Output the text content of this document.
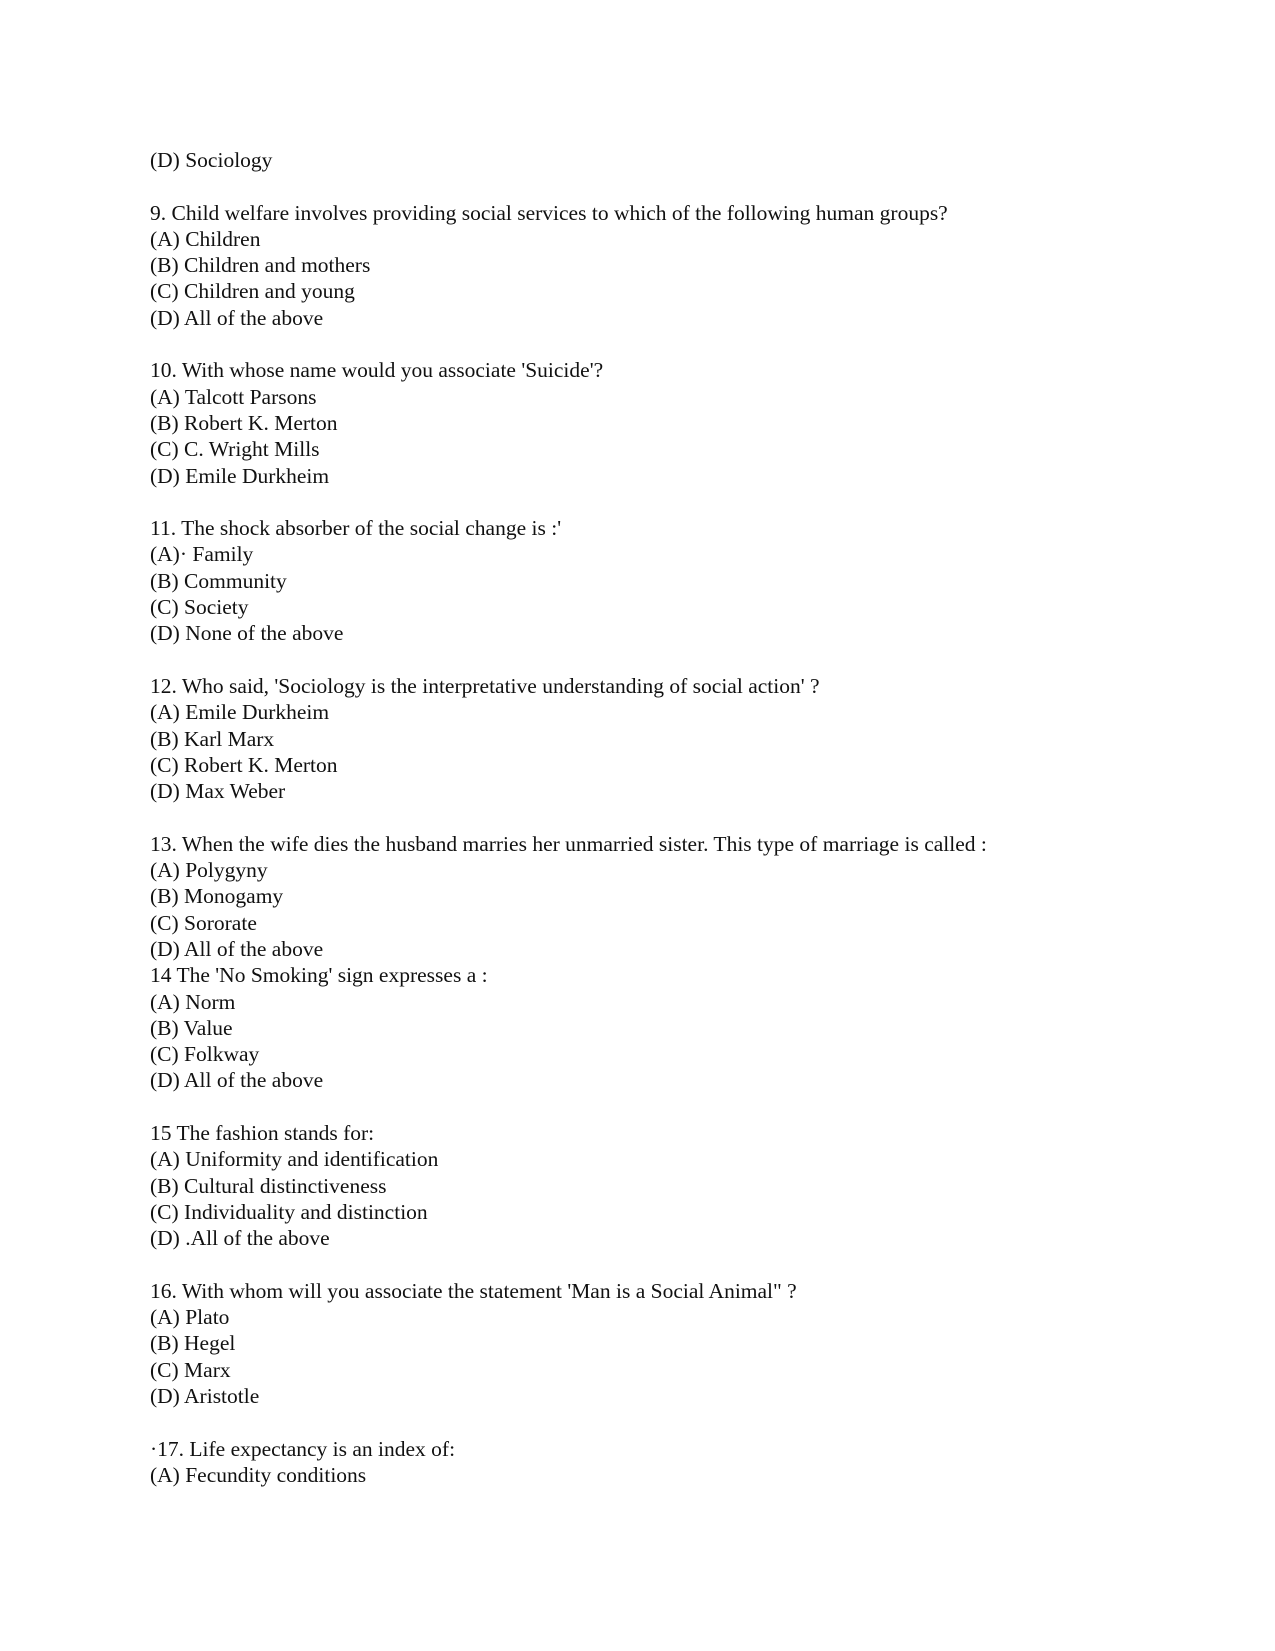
(D) Sociology
9. Child welfare involves providing social services to which of the following human groups?
(A) Children
(B) Children and mothers
(C) Children and young
(D) All of the above
10. With whose name would you associate 'Suicide'?
(A) Talcott Parsons
(B) Robert K. Merton
(C) C. Wright Mills
(D) Emile Durkheim
11. The shock absorber of the social change is :'
(A)· Family
(B) Community
(C) Society
(D) None of the above
12. Who said, 'Sociology is the interpretative understanding of social action' ?
(A) Emile Durkheim
(B) Karl Marx
(C) Robert K. Merton
(D) Max Weber
13. When the wife dies the husband marries her unmarried sister. This type of marriage is called :
(A) Polygyny
(B) Monogamy
(C) Sororate
(D) All of the above
14 The 'No Smoking' sign expresses a :
(A) Norm
(B) Value
(C) Folkway
(D) All of the above
15 The fashion stands for:
(A) Uniformity and identification
(B) Cultural distinctiveness
(C) Individuality and distinction
(D) .All of the above
16. With whom will you associate the statement 'Man is a Social Animal" ?
(A) Plato
(B) Hegel
(C) Marx
(D) Aristotle
·17. Life expectancy is an index of:
(A) Fecundity conditions
